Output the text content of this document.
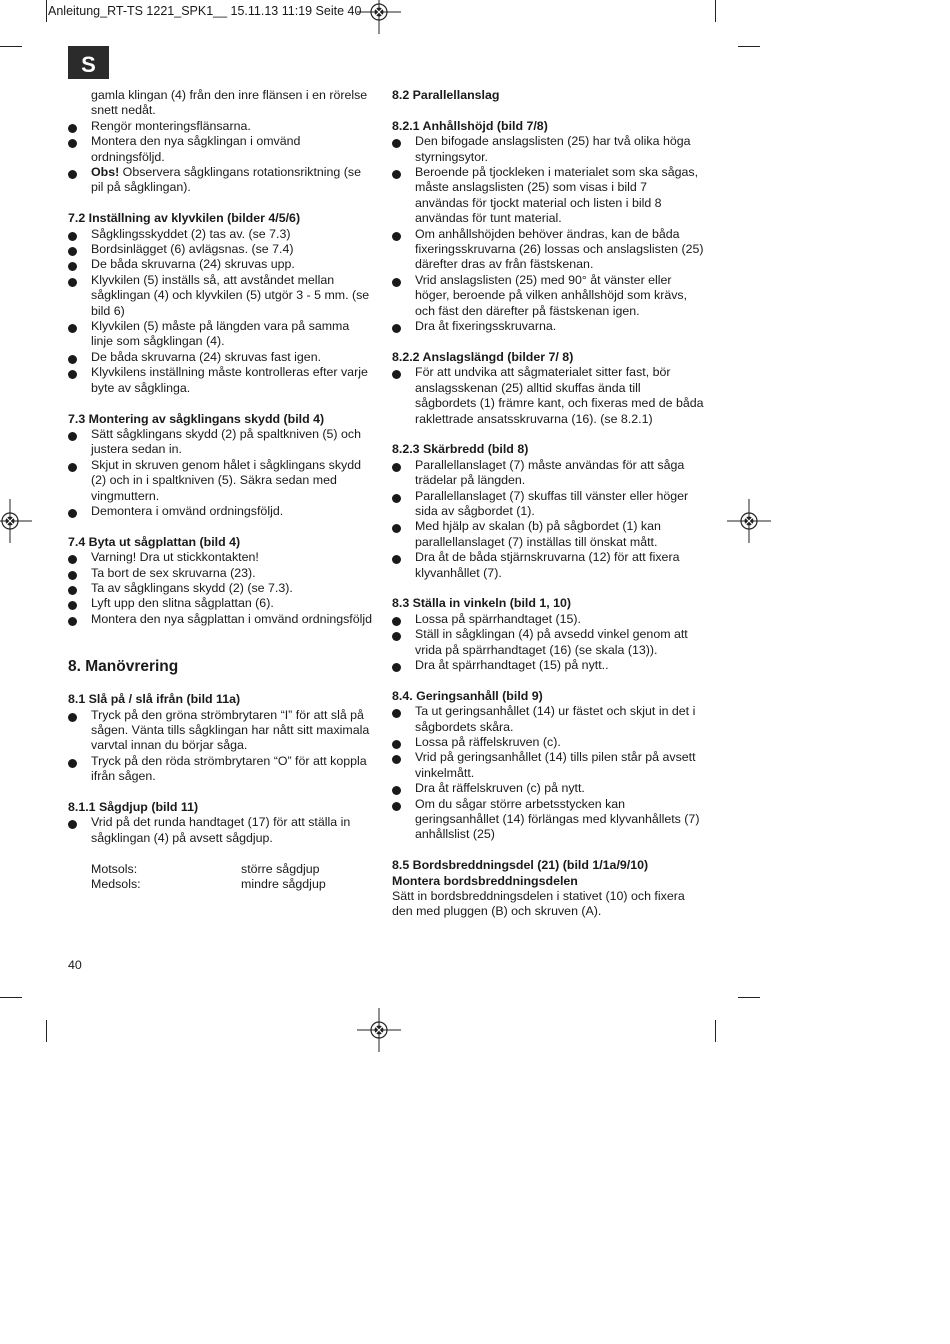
Anleitung_RT-TS 1221_SPK1__ 15.11.13 11:19 Seite 40
S

gamla klingan (4) från den inre flänsen i en rörelse snett nedåt.

Rengör monteringsflänsarna.
Montera den nya sågklingan i omvänd ordningsföljd.
Obs! Observera sågklingans rotationsriktning (se pil på sågklingan).
7.2 Inställning av klyvkilen (bilder 4/5/6)
Sågklingsskyddet (2) tas av. (se 7.3)
Bordsinlägget (6) avlägsnas. (se 7.4)
De båda skruvarna (24) skruvas upp.
Klyvkilen (5) inställs så, att avståndet mellan sågklingan (4) och klyvkilen (5) utgör 3 - 5 mm. (se bild 6)
Klyvkilen (5) måste på längden vara på samma linje som sågklingan (4).
De båda skruvarna (24) skruvas fast igen.
Klyvkilens inställning måste kontrolleras efter varje byte av sågklinga.
7.3 Montering av sågklingans skydd (bild 4)
Sätt sågklingans skydd (2) på spaltkniven (5) och justera sedan in.
Skjut in skruven genom hålet i sågklingans skydd (2) och in i spaltkniven (5). Säkra sedan med vingmuttern.
Demontera i omvänd ordningsföljd.
7.4 Byta ut sågplattan (bild 4)
Varning! Dra ut stickkontakten!
Ta bort de sex skruvarna (23).
Ta av sågklingans skydd (2) (se 7.3).
Lyft upp den slitna sågplattan (6).
Montera den nya sågplattan i omvänd ordningsföljd
8. Manövrering
8.1 Slå på / slå ifrån (bild 11a)
Tryck på den gröna strömbrytaren “I” för att slå på sågen. Vänta tills sågklingan har nått sitt maximala varvtal innan du börjar såga.
Tryck på den röda strömbrytaren “O” för att koppla ifrån sågen.
8.1.1 Sågdjup (bild 11)
Vrid på det runda handtaget (17) för att ställa in sågklingan (4) på avsett sågdjup.
Motsols:	större sågdjup
Medsols:	mindre sågdjup
8.2 Parallellanslag
8.2.1 Anhållshöjd (bild 7/8)
Den bifogade anslagslisten (25) har två olika höga styrningsytor.
Beroende på tjockleken i materialet som ska sågas, måste anslagslisten (25) som visas i bild 7 användas för tjockt material och listen i bild 8 användas för tunt material.
Om anhållshöjden behöver ändras, kan de båda fixeringsskruvarna (26) lossas och anslagslisten (25) därefter dras av från fästskenan.
Vrid anslagslisten (25) med 90° åt vänster eller höger, beroende på vilken anhållshöjd som krävs, och fäst den därefter på fästskenan igen.
Dra åt fixeringsskruvarna.
8.2.2 Anslagslängd (bilder 7/ 8)
För att undvika att sågmaterialet sitter fast, bör anslagsskenan (25) alltid skuffas ända till sågbordets (1) främre kant, och fixeras med de båda raklettrade ansatsskruvarna (16). (se 8.2.1)
8.2.3 Skärbredd (bild 8)
Parallellanslaget (7) måste användas för att såga trädelar på längden.
Parallellanslaget (7) skuffas till vänster eller höger sida av sågbordet (1).
Med hjälp av skalan (b) på sågbordet (1) kan parallellanslaget (7) inställas till önskat mått.
Dra åt de båda stjärnskruvarna (12) för att fixera klyvanhållet (7).
8.3 Ställa in vinkeln (bild 1, 10)
Lossa på spärrhandtaget (15).
Ställ in sågklingan (4) på avsedd vinkel genom att vrida på spärrhandtaget (16) (se skala (13)).
Dra åt spärrhandtaget (15) på nytt..
8.4. Geringsanhåll (bild 9)
Ta ut geringsanhållet (14) ur fästet och skjut in det i sågbordets skåra.
Lossa på räffelskruven (c).
Vrid på geringsanhållet (14) tills pilen står på avsett vinkelmått.
Dra åt räffelskruven (c) på nytt.
Om du sågar större arbetsstycken kan geringsanhållet (14) förlängas med klyvanhållets (7) anhållslist (25)
8.5 Bordsbreddningsdel (21) (bild 1/1a/9/10)
Montera bordsbreddningsdelen

Sätt in bordsbreddningsdelen i stativet (10) och fixera den med pluggen (B) och skruven (A).

40
